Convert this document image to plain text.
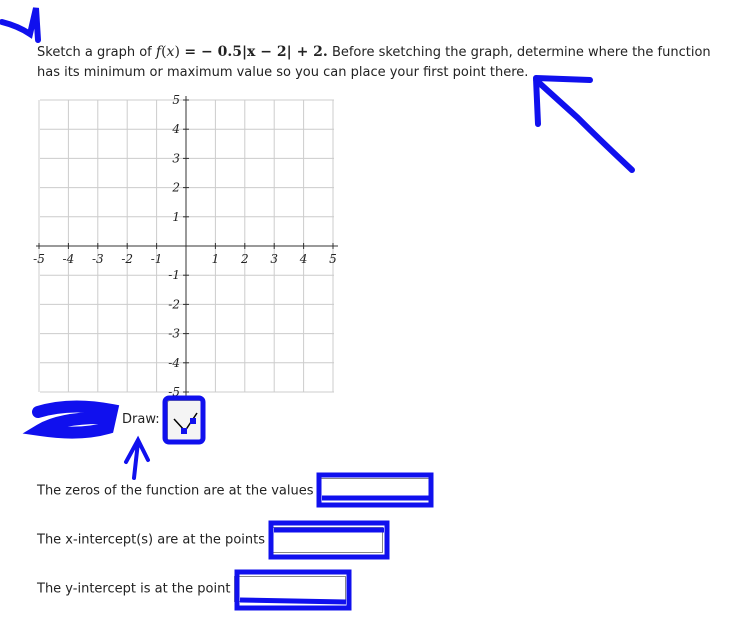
Sketch a graph of f(x) = − 0.5|x − 2| + 2. Before sketching the graph, determine where the function has its minimum or maximum value so you can place your first point there.
-5 -4 -3 -2 -1	1 2 3 4 5
5
4
3
2
1
-1
-2
-3
-4
-5
Draw:
The zeros of the function are at the values
The x-intercept(s) are at the points
The y-intercept is at the point
